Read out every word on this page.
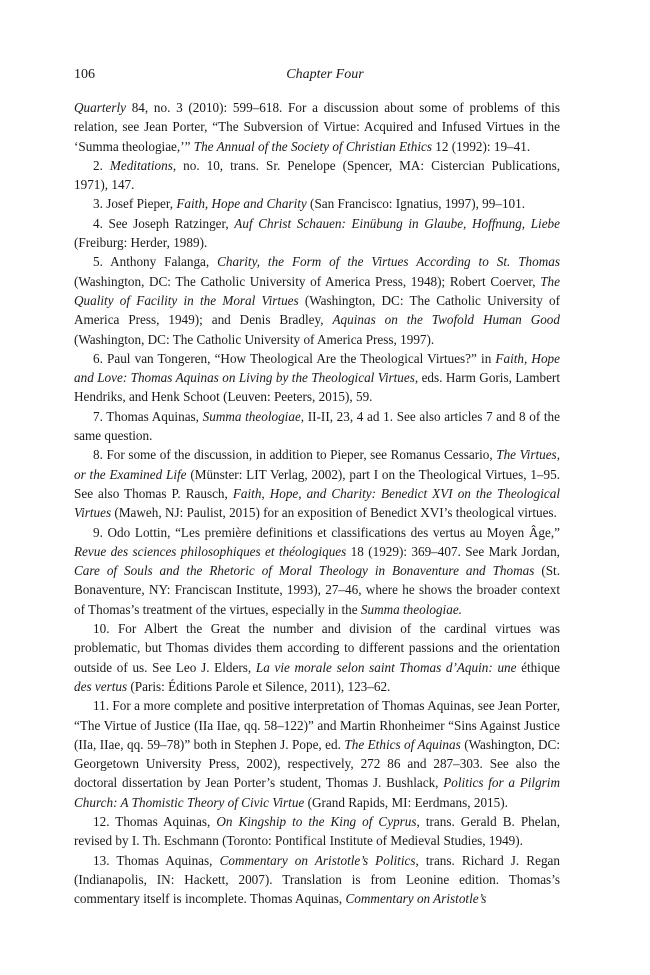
106	Chapter Four

Quarterly 84, no. 3 (2010): 599–618. For a discussion about some of problems of this relation, see Jean Porter, “The Subversion of Virtue: Acquired and Infused Virtues in the ‘Summa theologiae,’” The Annual of the Society of Christian Ethics 12 (1992): 19–41.

2. Meditations, no. 10, trans. Sr. Penelope (Spencer, MA: Cistercian Publications, 1971), 147.

3. Josef Pieper, Faith, Hope and Charity (San Francisco: Ignatius, 1997), 99–101.

4. See Joseph Ratzinger, Auf Christ Schauen: Einübung in Glaube, Hoffnung, Liebe (Freiburg: Herder, 1989).

5. Anthony Falanga, Charity, the Form of the Virtues According to St. Thomas (Washington, DC: The Catholic University of America Press, 1948); Robert Coerver, The Quality of Facility in the Moral Virtues (Washington, DC: The Catholic University of America Press, 1949); and Denis Bradley, Aquinas on the Twofold Human Good (Washington, DC: The Catholic University of America Press, 1997).

6. Paul van Tongeren, “How Theological Are the Theological Virtues?” in Faith, Hope and Love: Thomas Aquinas on Living by the Theological Virtues, eds. Harm Goris, Lambert Hendriks, and Henk Schoot (Leuven: Peeters, 2015), 59.

7. Thomas Aquinas, Summa theologiae, II-II, 23, 4 ad 1. See also articles 7 and 8 of the same question.

8. For some of the discussion, in addition to Pieper, see Romanus Cessario, The Virtues, or the Examined Life (Münster: LIT Verlag, 2002), part I on the Theological Virtues, 1–95. See also Thomas P. Rausch, Faith, Hope, and Charity: Benedict XVI on the Theological Virtues (Maweh, NJ: Paulist, 2015) for an exposition of Benedict XVI’s theological virtues.

9. Odo Lottin, “Les première definitions et classifications des vertus au Moyen Âge,” Revue des sciences philosophiques et théologiques 18 (1929): 369–407. See Mark Jordan, Care of Souls and the Rhetoric of Moral Theology in Bonaventure and Thomas (St. Bonaventure, NY: Franciscan Institute, 1993), 27–46, where he shows the broader context of Thomas’s treatment of the virtues, especially in the Summa theologiae.

10. For Albert the Great the number and division of the cardinal virtues was problematic, but Thomas divides them according to different passions and the orientation outside of us. See Leo J. Elders, La vie morale selon saint Thomas d’Aquin: une éthique des vertus (Paris: Éditions Parole et Silence, 2011), 123–62.

11. For a more complete and positive interpretation of Thomas Aquinas, see Jean Porter, “The Virtue of Justice (IIa IIae, qq. 58–122)” and Martin Rhonheimer “Sins Against Justice (IIa, IIae, qq. 59–78)” both in Stephen J. Pope, ed. The Ethics of Aquinas (Washington, DC: Georgetown University Press, 2002), respectively, 272 86 and 287–303. See also the doctoral dissertation by Jean Porter’s student, Thomas J. Bushlack, Politics for a Pilgrim Church: A Thomistic Theory of Civic Virtue (Grand Rapids, MI: Eerdmans, 2015).

12. Thomas Aquinas, On Kingship to the King of Cyprus, trans. Gerald B. Phelan, revised by I. Th. Eschmann (Toronto: Pontifical Institute of Medieval Studies, 1949).

13. Thomas Aquinas, Commentary on Aristotle’s Politics, trans. Richard J. Regan (Indianapolis, IN: Hackett, 2007). Translation is from Leonine edition. Thomas’s commentary itself is incomplete. Thomas Aquinas, Commentary on Aristotle’s
